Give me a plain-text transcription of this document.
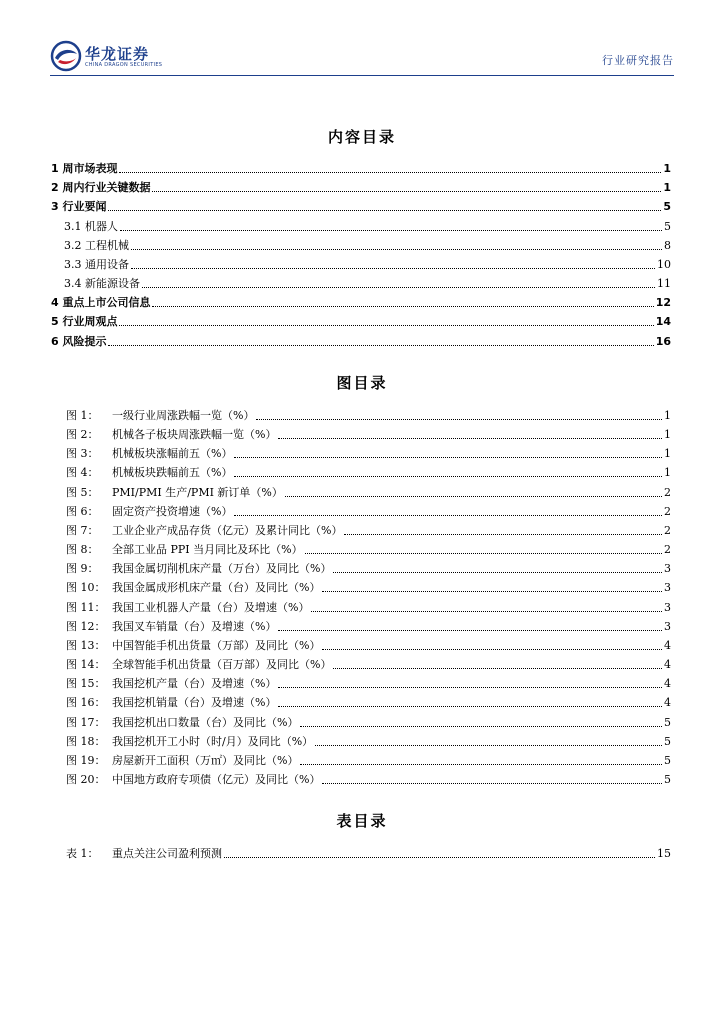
华龙证券
CHINA DRAGON SECURITIES	行业研究报告
内容目录
1 周市场表现	1
2 周内行业关键数据	1
3 行业要闻	5
3.1 机器人	5
3.2 工程机械	8
3.3 通用设备	10
3.4 新能源设备	11
4 重点上市公司信息	12
5 行业周观点	14
6 风险提示	16
图目录
图 1： 一级行业周涨跌幅一览（%）	1
图 2： 机械各子板块周涨跌幅一览（%）	1
图 3： 机械板块涨幅前五（%）	1
图 4： 机械板块跌幅前五（%）	1
图 5： PMI/PMI 生产/PMI 新订单（%）	2
图 6： 固定资产投资增速（%）	2
图 7： 工业企业产成品存货（亿元）及累计同比（%）	2
图 8： 全部工业品 PPI 当月同比及环比（%）	2
图 9： 我国金属切削机床产量（万台）及同比（%）	3
图 10： 我国金属成形机床产量（台）及同比（%）	3
图 11： 我国工业机器人产量（台）及增速（%）	3
图 12： 我国叉车销量（台）及增速（%）	3
图 13： 中国智能手机出货量（万部）及同比（%）	4
图 14： 全球智能手机出货量（百万部）及同比（%）	4
图 15： 我国挖机产量（台）及增速（%）	4
图 16： 我国挖机销量（台）及增速（%）	4
图 17： 我国挖机出口数量（台）及同比（%）	5
图 18： 我国挖机开工小时（时/月）及同比（%）	5
图 19： 房屋新开工面积（万㎡）及同比（%）	5
图 20： 中国地方政府专项债（亿元）及同比（%）	5
表目录
表 1： 重点关注公司盈利预测	15
